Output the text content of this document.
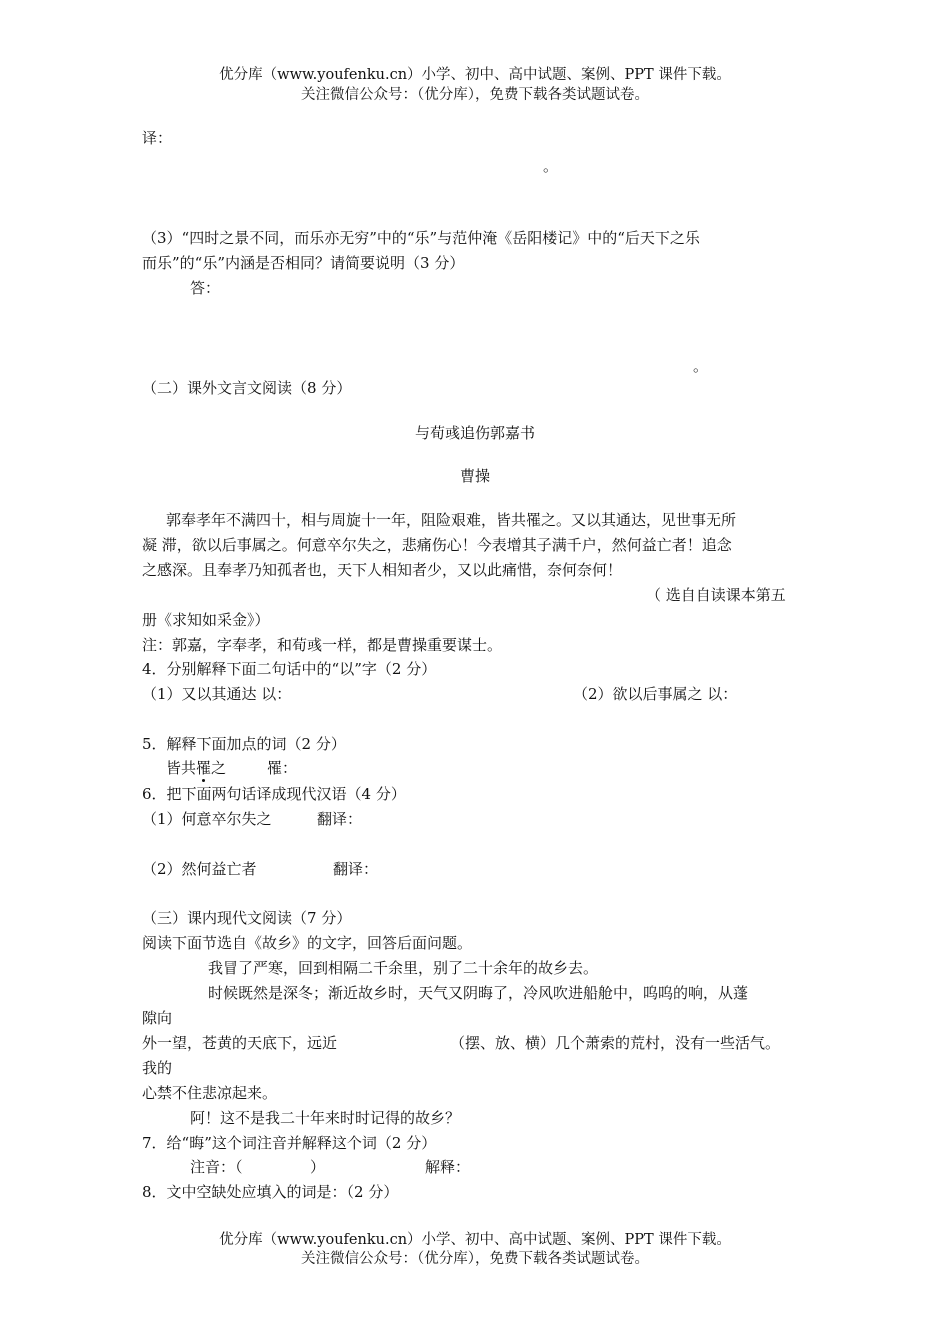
优分库（www.youfenku.cn）小学、初中、高中试题、案例、PPT 课件下载。
关注微信公众号：（优分库），免费下载各类试题试卷。
译：
。
（3）“四时之景不同，而乐亦无穷”中的“乐”与范仲淹《岳阳楼记》中的“后天下之乐
而乐”的“乐”内涵是否相同？请简要说明（3 分）
答：
。
（二）课外文言文阅读（8 分）
与荀彧追伤郭嘉书
曹操
郭奉孝年不满四十，相与周旋十一年，阻险艰难，皆共罹之。又以其通达，见世事无所
凝 滞，欲以后事属之。何意卒尔失之，悲痛伤心！今表增其子满千户，然何益亡者！追念
之感深。且奉孝乃知孤者也，天下人相知者少，又以此痛惜，奈何奈何！
（ 选自自读课本第五
册《求知如采金》）
注：郭嘉，字奉孝，和荀彧一样，都是曹操重要谋士。
4．分别解释下面二句话中的“以”字（2 分）
（1）又以其通达 以：	（2）欲以后事属之 以：
5．解释下面加点的词（2 分）
皆共罹之	罹：
6．把下面两句话译成现代汉语（4 分）
（1）何意卒尔失之	翻译：
（2）然何益亡者	翻译：
（三）课内现代文阅读（7 分）
阅读下面节选自《故乡》的文字，回答后面问题。
我冒了严寒，回到相隔二千余里，别了二十余年的故乡去。
时候既然是深冬；渐近故乡时，天气又阴晦了，冷风吹进船舱中，呜呜的响，从蓬
隙向
外一望，苍黄的天底下，远近	（摆、放、横）几个萧索的荒村，没有一些活气。
我的
心禁不住悲凉起来。
阿！这不是我二十年来时时记得的故乡？
7．给“晦”这个词注音并解释这个词（2 分）
注音：（	）	解释：
8．文中空缺处应填入的词是：（2 分）
优分库（www.youfenku.cn）小学、初中、高中试题、案例、PPT 课件下载。
关注微信公众号：（优分库），免费下载各类试题试卷。
